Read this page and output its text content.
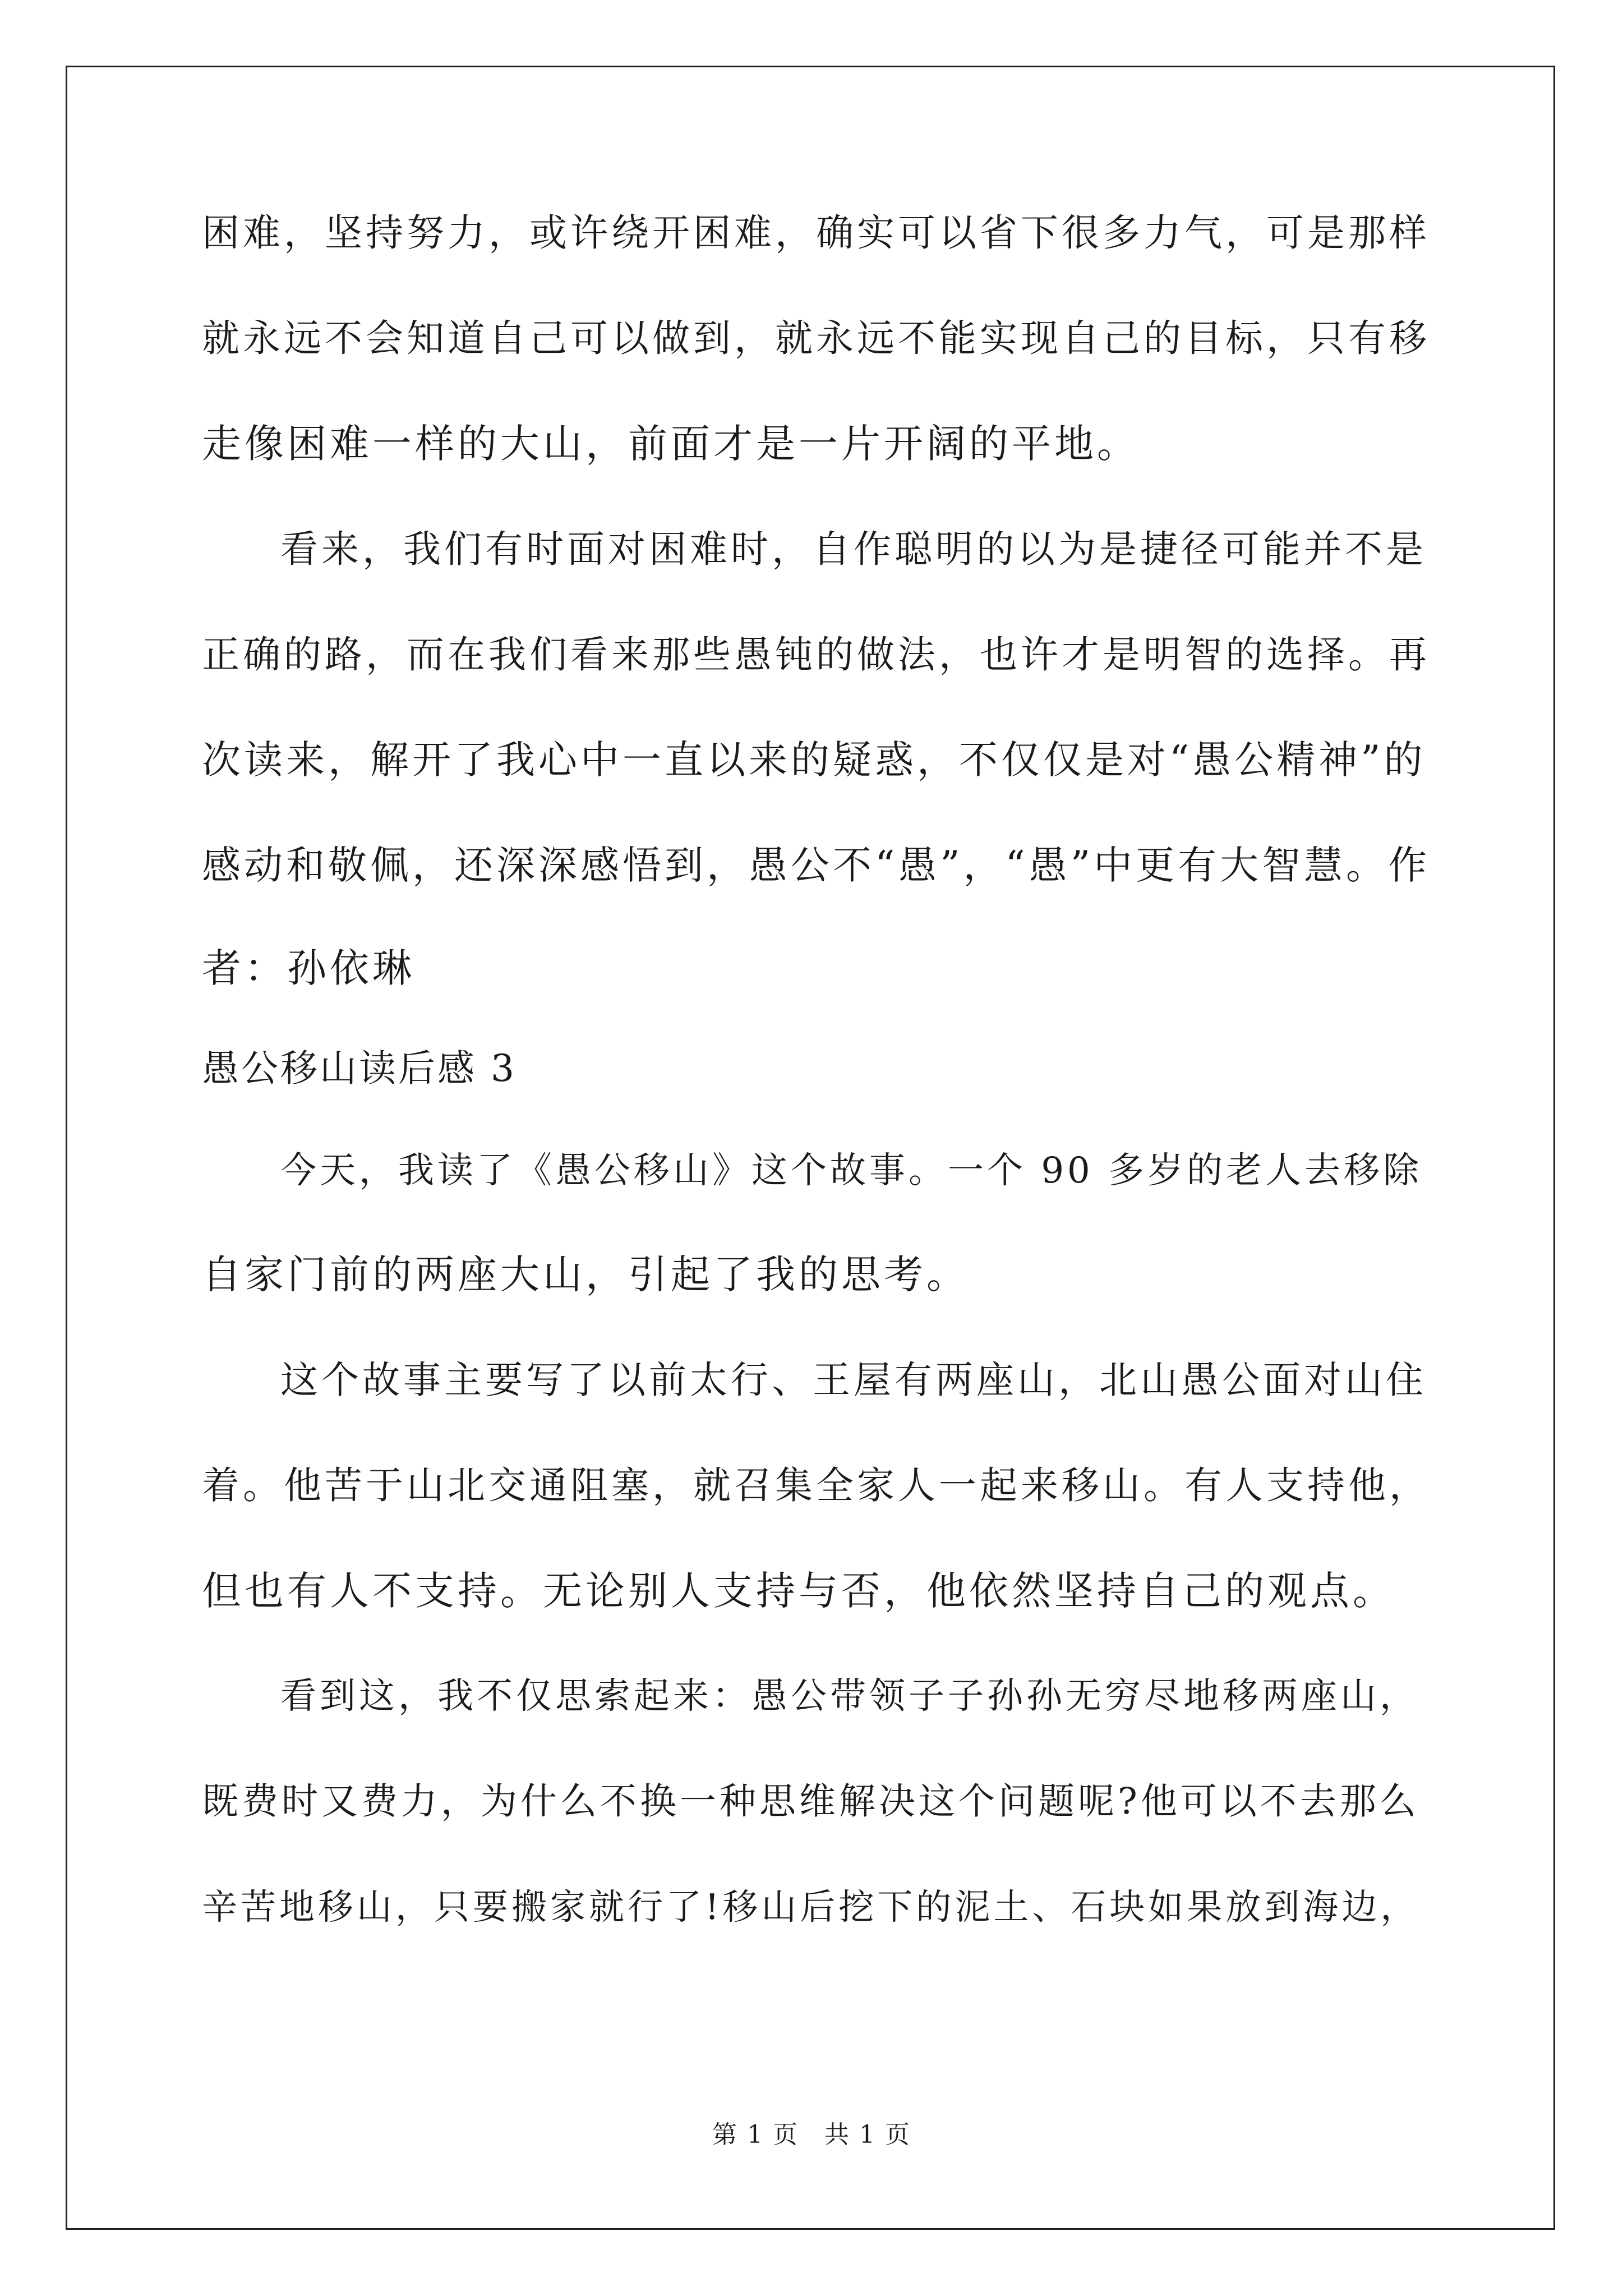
困难，坚持努力，或许绕开困难，确实可以省下很多力气，可是那样
就永远不会知道自己可以做到，就永远不能实现自己的目标，只有移
走像困难一样的大山，前面才是一片开阔的平地。
看来，我们有时面对困难时，自作聪明的以为是捷径可能并不是
正确的路，而在我们看来那些愚钝的做法，也许才是明智的选择。再
次读来，解开了我心中一直以来的疑惑，不仅仅是对“愚公精神”的
感动和敬佩，还深深感悟到，愚公不“愚”，“愚”中更有大智慧。作
者：孙依琳
愚公移山读后感 3
今天，我读了《愚公移山》这个故事。一个 90 多岁的老人去移除
自家门前的两座大山，引起了我的思考。
这个故事主要写了以前太行、王屋有两座山，北山愚公面对山住
着。他苦于山北交通阻塞，就召集全家人一起来移山。有人支持他，
但也有人不支持。无论别人支持与否，他依然坚持自己的观点。
看到这，我不仅思索起来：愚公带领子子孙孙无穷尽地移两座山，
既费时又费力，为什么不换一种思维解决这个问题呢?他可以不去那么
辛苦地移山，只要搬家就行了!移山后挖下的泥土、石块如果放到海边，
第 1 页　共 1 页
